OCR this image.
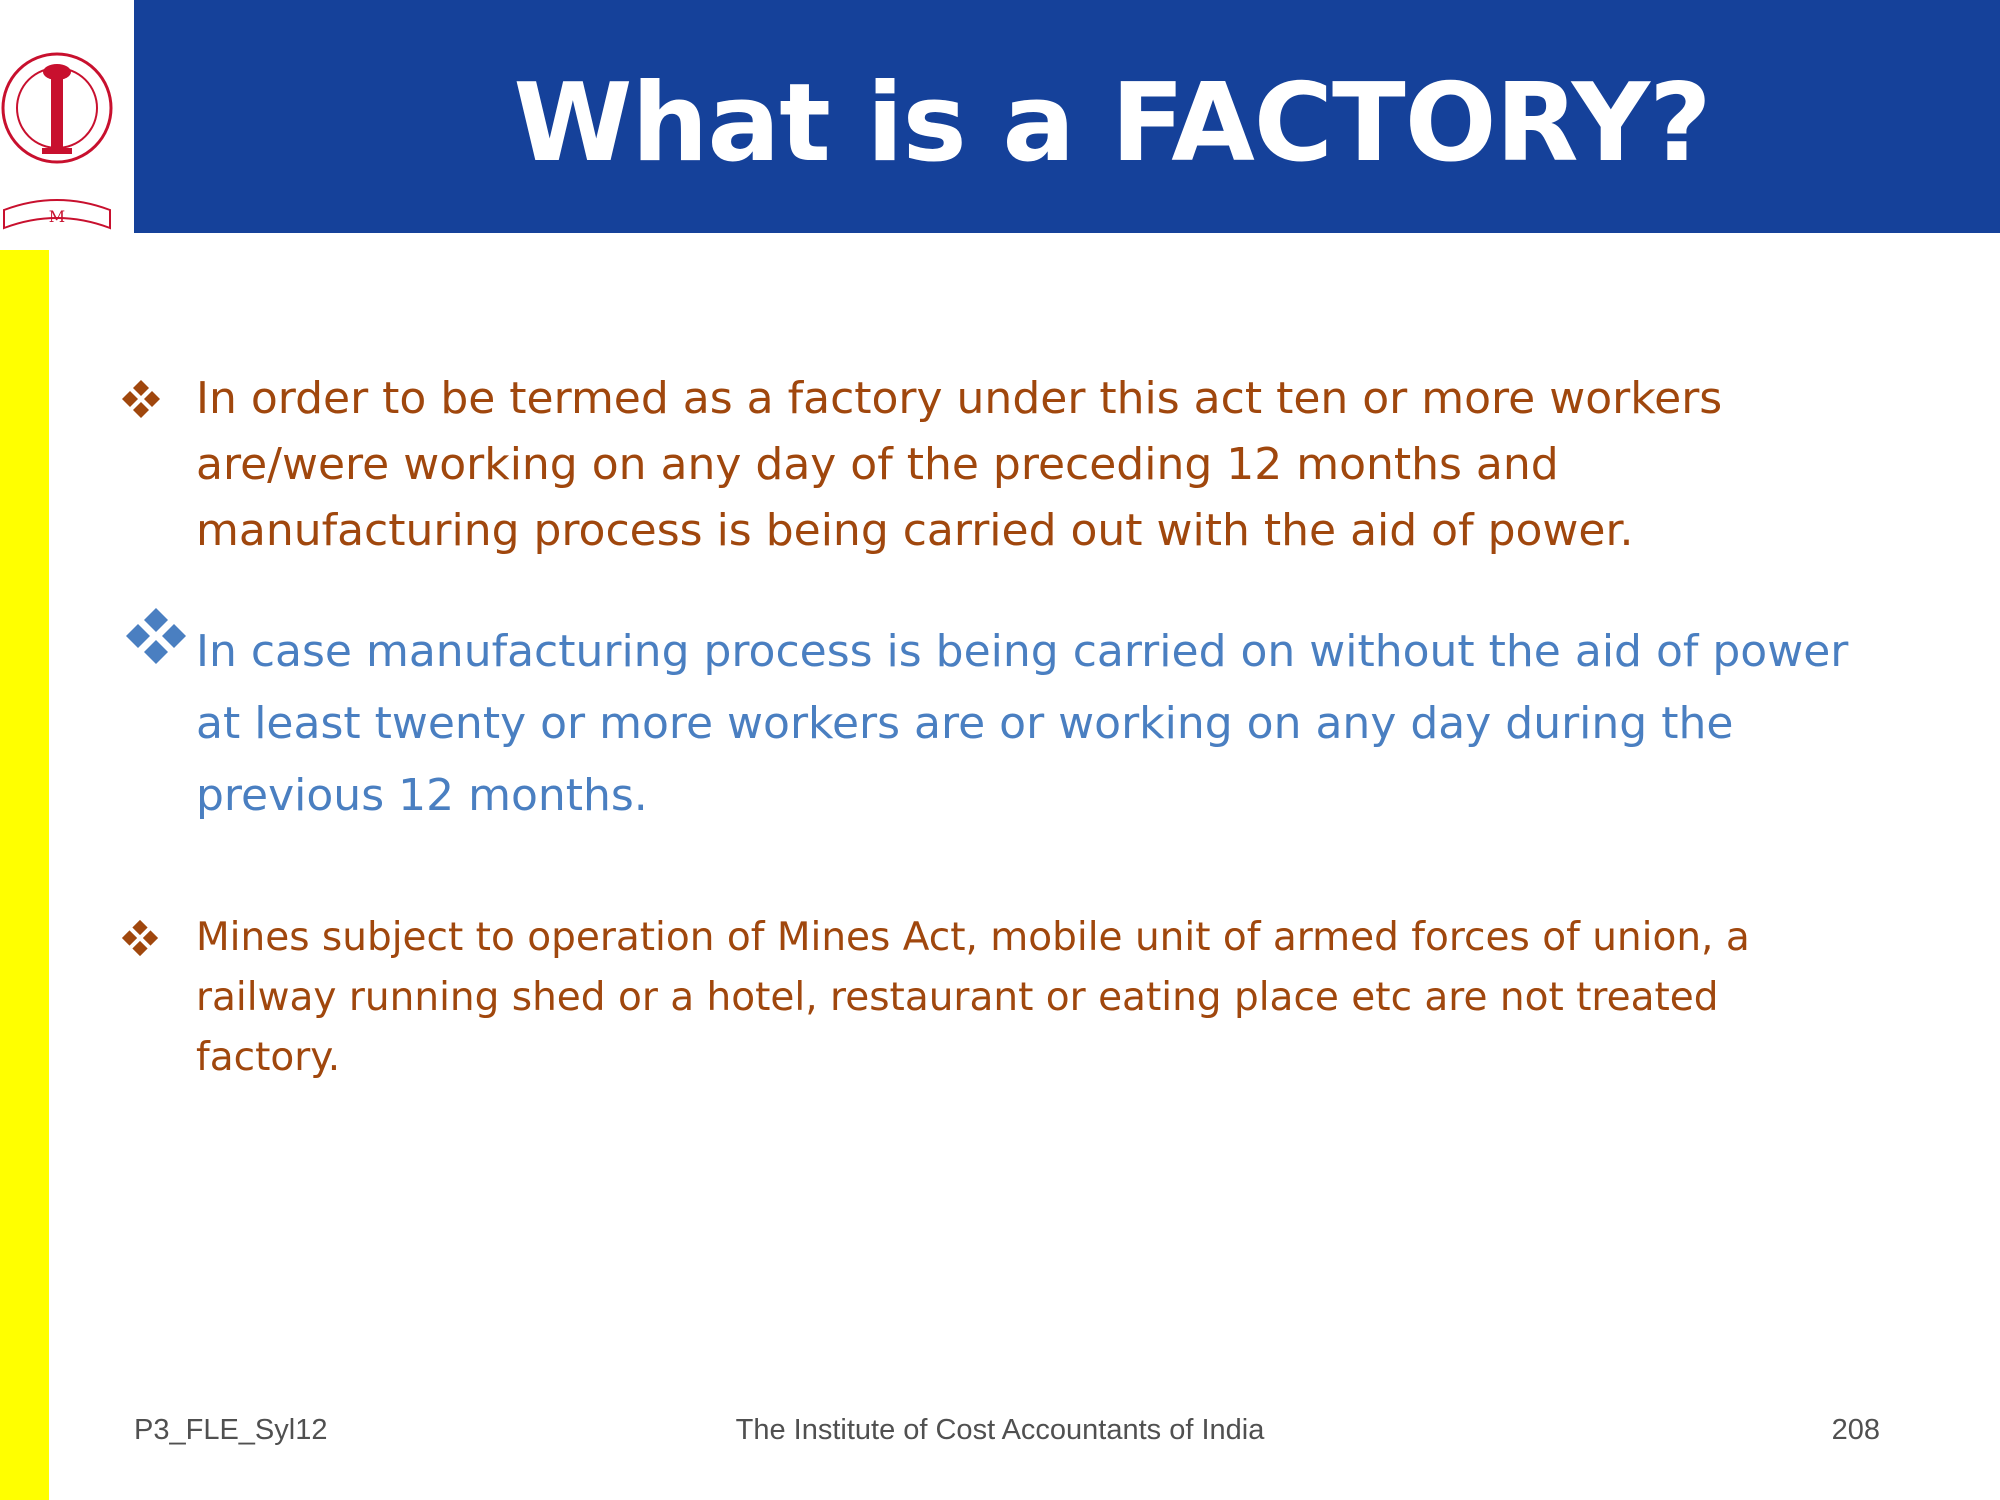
M
What is a FACTORY?
In order to be termed as a factory under this act ten or more workers are/were working on any day of the preceding 12 months and manufacturing process is being carried out with the aid of power.
In case manufacturing process is being carried on without the aid of power at least twenty or more workers are or working on any day during the previous 12 months.
Mines subject to operation of Mines Act, mobile unit of armed forces of union, a railway running shed or a hotel, restaurant or eating place etc are not treated factory.
P3_FLE_Syl12	The Institute of Cost Accountants of India	208
